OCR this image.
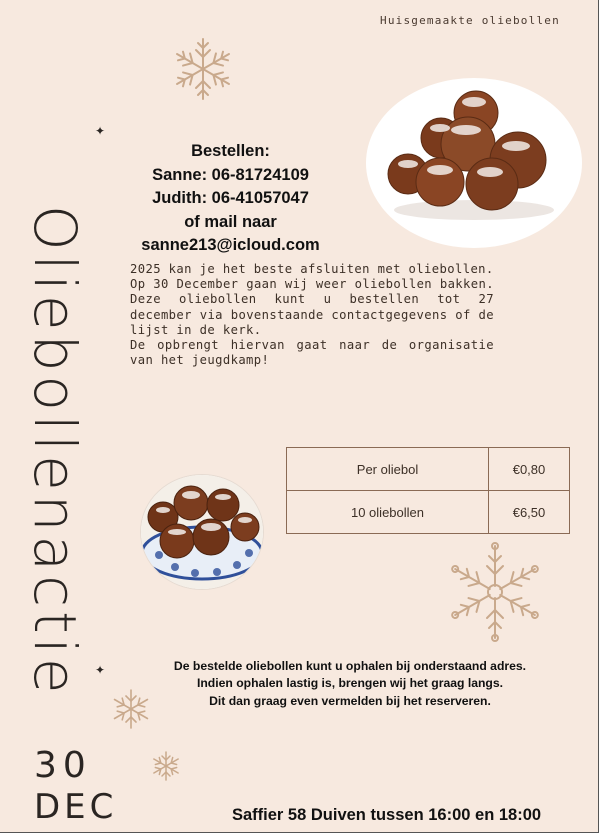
Huisgemaakte oliebollen
Oliebollenactie
✦
✦
30
DEC
Bestellen:
Sanne: 06-81724109
Judith: 06-41057047
of mail naar
sanne213@icloud.com

2025 kan je het beste afsluiten met oliebollen.

Op 30 December gaan wij weer oliebollen bakken. Deze oliebollen kunt u bestellen tot 27 december via bovenstaande contactgegevens of de lijst in de kerk.

De opbrengt hiervan gaat naar de organisatie van het jeugdkamp!

Per oliebol	€0,80
10 oliebollen	€6,50
De bestelde oliebollen kunt u ophalen bij onderstaand adres.
Indien ophalen lastig is, brengen wij het graag langs.
Dit dan graag even vermelden bij het reserveren.
Saffier 58 Duiven tussen 16:00 en 18:00
